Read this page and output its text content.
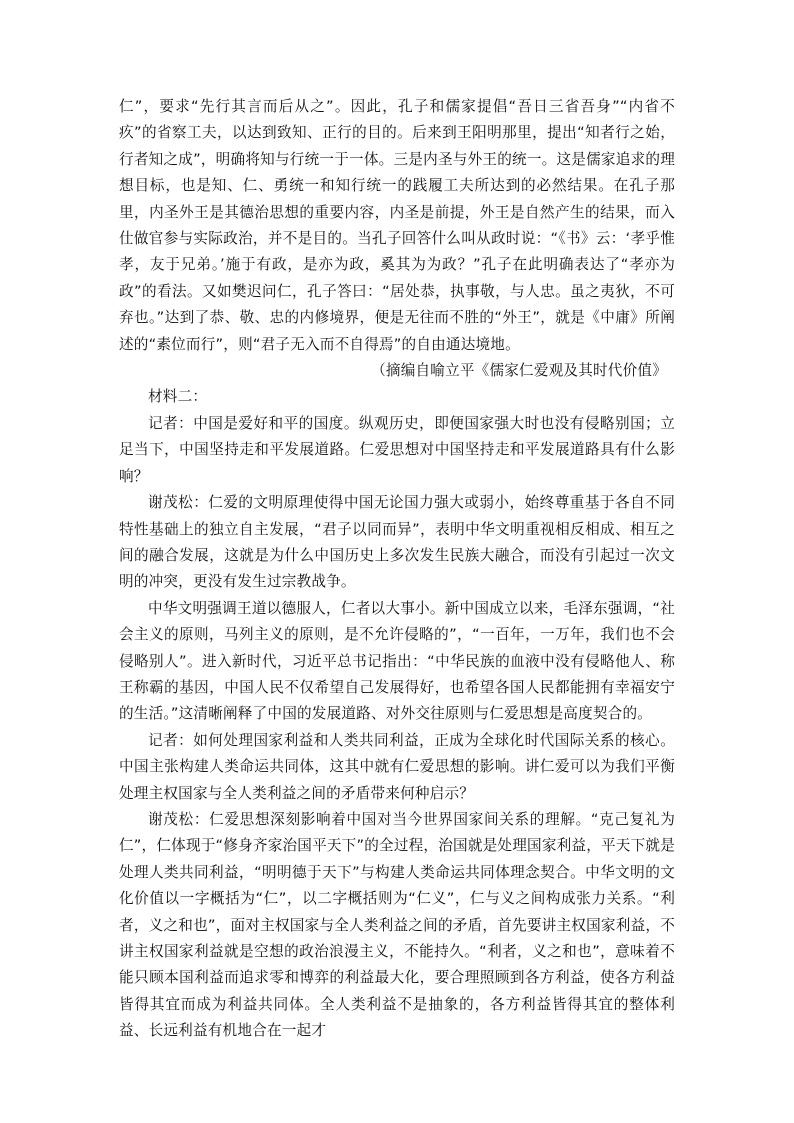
仁”，要求“先行其言而后从之”。因此，孔子和儒家提倡“吾日三省吾身”“内省不疚”的省察工夫，以达到致知、正行的目的。后来到王阳明那里，提出“知者行之始，行者知之成”，明确将知与行统一于一体。三是内圣与外王的统一。这是儒家追求的理想目标，也是知、仁、勇统一和知行统一的践履工夫所达到的必然结果。在孔子那里，内圣外王是其德治思想的重要内容，内圣是前提，外王是自然产生的结果，而入仕做官参与实际政治，并不是目的。当孔子回答什么叫从政时说：“《书》云：‘孝乎惟孝，友于兄弟。’施于有政，是亦为政，奚其为为政？”孔子在此明确表达了“孝亦为政”的看法。又如樊迟问仁，孔子答曰：“居处恭，执事敬，与人忠。虽之夷狄，不可弃也。”达到了恭、敬、忠的内修境界，便是无往而不胜的“外王”，就是《中庸》所阐述的“素位而行”，则“君子无入而不自得焉”的自由通达境地。

（摘编自喻立平《儒家仁爱观及其时代价值》

材料二：

记者：中国是爱好和平的国度。纵观历史，即便国家强大时也没有侵略别国；立足当下，中国坚持走和平发展道路。仁爱思想对中国坚持走和平发展道路具有什么影响？

谢茂松：仁爱的文明原理使得中国无论国力强大或弱小，始终尊重基于各自不同特性基础上的独立自主发展，“君子以同而异”，表明中华文明重视相反相成、相互之间的融合发展，这就是为什么中国历史上多次发生民族大融合，而没有引起过一次文明的冲突，更没有发生过宗教战争。

中华文明强调王道以德服人，仁者以大事小。新中国成立以来，毛泽东强调，“社会主义的原则，马列主义的原则，是不允许侵略的”，“一百年，一万年，我们也不会侵略别人”。进入新时代，习近平总书记指出：“中华民族的血液中没有侵略他人、称王称霸的基因，中国人民不仅希望自己发展得好，也希望各国人民都能拥有幸福安宁的生活。”这清晰阐释了中国的发展道路、对外交往原则与仁爱思想是高度契合的。

记者：如何处理国家利益和人类共同利益，正成为全球化时代国际关系的核心。中国主张构建人类命运共同体，这其中就有仁爱思想的影响。讲仁爱可以为我们平衡处理主权国家与全人类利益之间的矛盾带来何种启示？

谢茂松：仁爱思想深刻影响着中国对当今世界国家间关系的理解。“克己复礼为仁”，仁体现于“修身齐家治国平天下”的全过程，治国就是处理国家利益，平天下就是处理人类共同利益，“明明德于天下”与构建人类命运共同体理念契合。中华文明的文化价值以一字概括为“仁”，以二字概括则为“仁义”，仁与义之间构成张力关系。“利者，义之和也”，面对主权国家与全人类利益之间的矛盾，首先要讲主权国家利益，不讲主权国家利益就是空想的政治浪漫主义，不能持久。“利者，义之和也”，意味着不能只顾本国利益而追求零和博弈的利益最大化，要合理照顾到各方利益，使各方利益皆得其宜而成为利益共同体。全人类利益不是抽象的，各方利益皆得其宜的整体利益、长远利益有机地合在一起才
